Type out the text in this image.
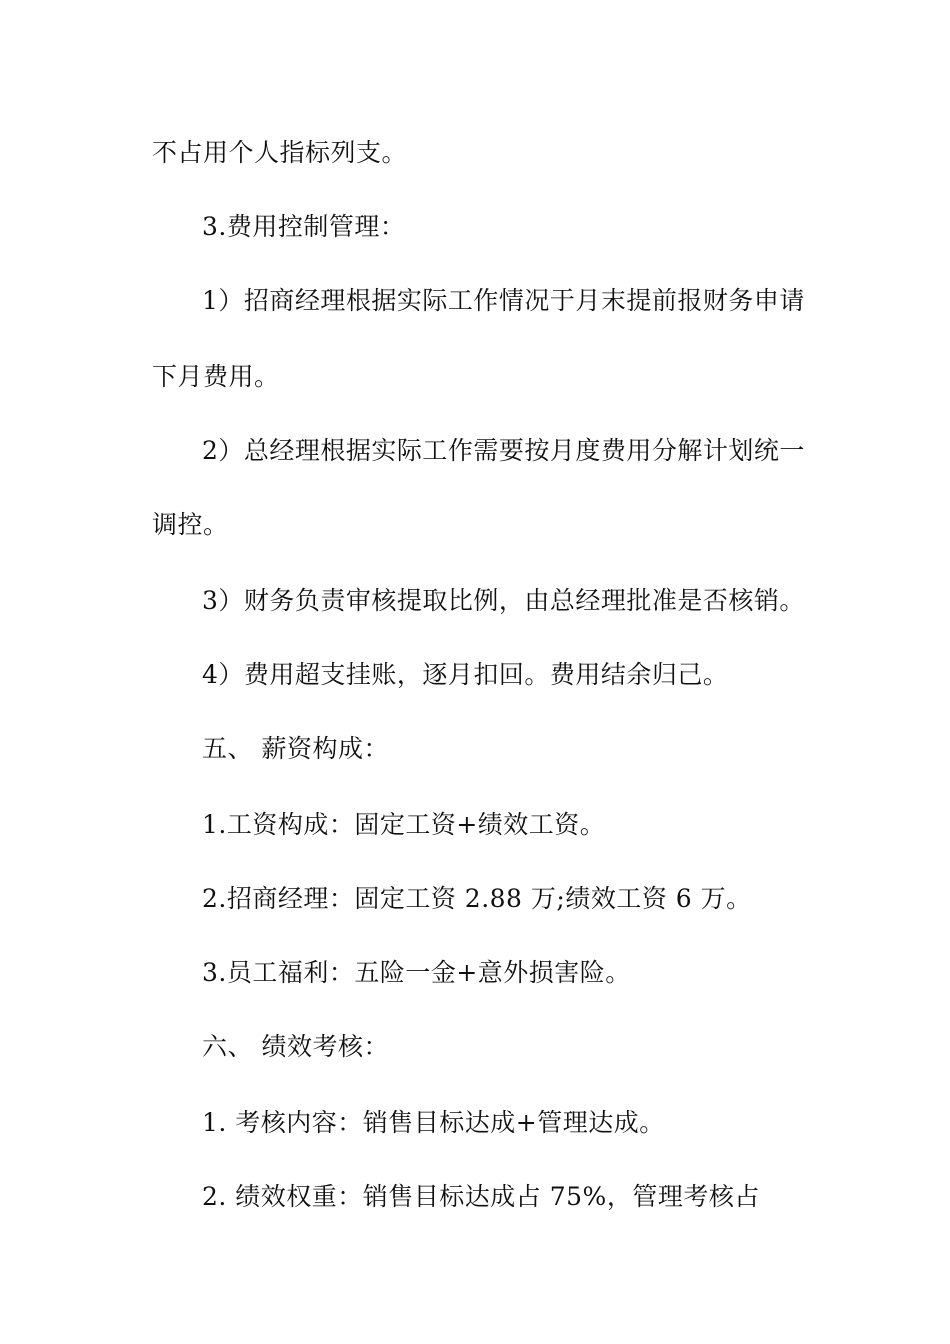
不占用个人指标列支。
3.费用控制管理：
1）招商经理根据实际工作情况于月末提前报财务申请
下月费用。
2）总经理根据实际工作需要按月度费用分解计划统一
调控。
3）财务负责审核提取比例，由总经理批准是否核销。
4）费用超支挂账，逐月扣回。费用结余归己。
五、 薪资构成：
1.工资构成：固定工资+绩效工资。
2.招商经理：固定工资 2.88 万;绩效工资 6 万。
3.员工福利：五险一金+意外损害险。
六、 绩效考核：
1. 考核内容：销售目标达成+管理达成。
2. 绩效权重：销售目标达成占 75%，管理考核占
